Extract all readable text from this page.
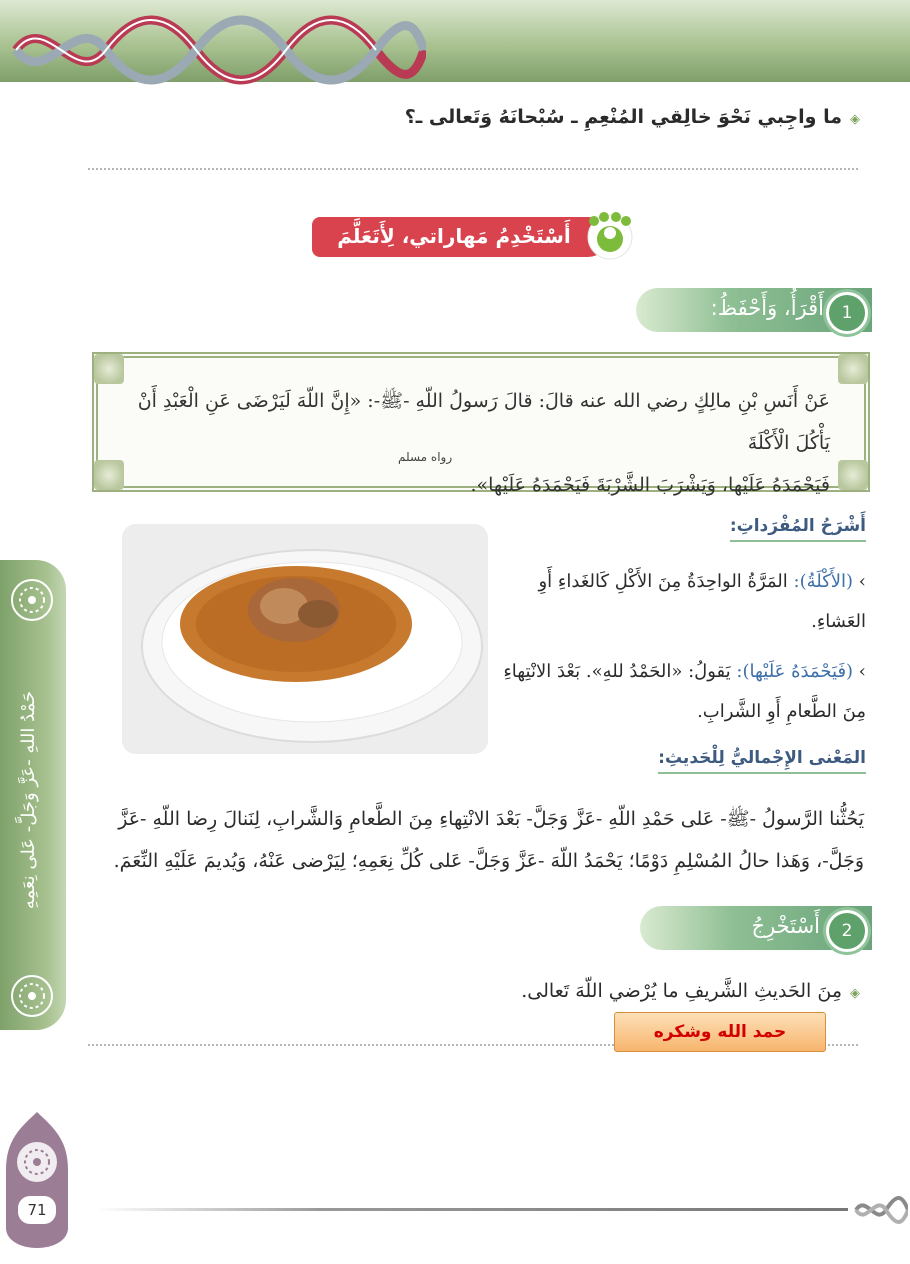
◈ما واجِبي نَحْوَ خالِقي المُنْعِمِ ـ سُبْحانَهُ وَتَعالى ـ؟
أَسْتَخْدِمُ مَهاراتي، لِأَتَعَلَّمَ
أَقْرَأُ، وَأَحْفَظُ:	1
عَنْ أَنَسِ بْنِ مالِكٍ رضي الله عنه قالَ: قالَ رَسولُ اللّهِ -ﷺ-: «إِنَّ اللّهَ لَيَرْضَى عَنِ الْعَبْدِ أَنْ يَأْكُلَ الْأَكْلَةَ
فَيَحْمَدَهُ عَلَيْها، وَيَشْرَبَ الشَّرْبَةَ فَيَحْمَدَهُ عَلَيْها».
رواه مسلم
أَشْرَحُ المُفْرَداتِ:
› (الأَكْلَةُ): المَرَّةُ الواحِدَةُ مِنَ الأَكْلِ كَالغَداءِ أَوِ العَشاءِ.
› (فَيَحْمَدَهُ عَلَيْها): يَقولُ: «الحَمْدُ للهِ». بَعْدَ الانْتِهاءِ مِنَ الطَّعامِ أَوِ الشَّرابِ.
المَعْنى الإِجْماليُّ لِلْحَديثِ:
يَحُثُّنا الرَّسولُ -ﷺ- عَلى حَمْدِ اللّهِ -عَزَّ وَجَلَّ- بَعْدَ الانْتِهاءِ مِنَ الطَّعامِ وَالشَّرابِ، لِنَنالَ رِضا اللّهِ -عَزَّ وَجَلَّ-، وَهَذا حالُ المُسْلِمِ دَوْمًا؛ يَحْمَدُ اللّهَ -عَزَّ وَجَلَّ- عَلى كُلِّ نِعَمِهِ؛ لِيَرْضى عَنْهُ، وَيُديمَ عَلَيْهِ النِّعَمَ.
أَسْتَخْرِجُ	2
◈مِنَ الحَديثِ الشَّريفِ ما يُرْضي اللّهَ تَعالى.
حمد الله وشكره
حَمْدُ اللهِ -عَزَّ وَجَلَّ- عَلى نِعَمِهِ
71
